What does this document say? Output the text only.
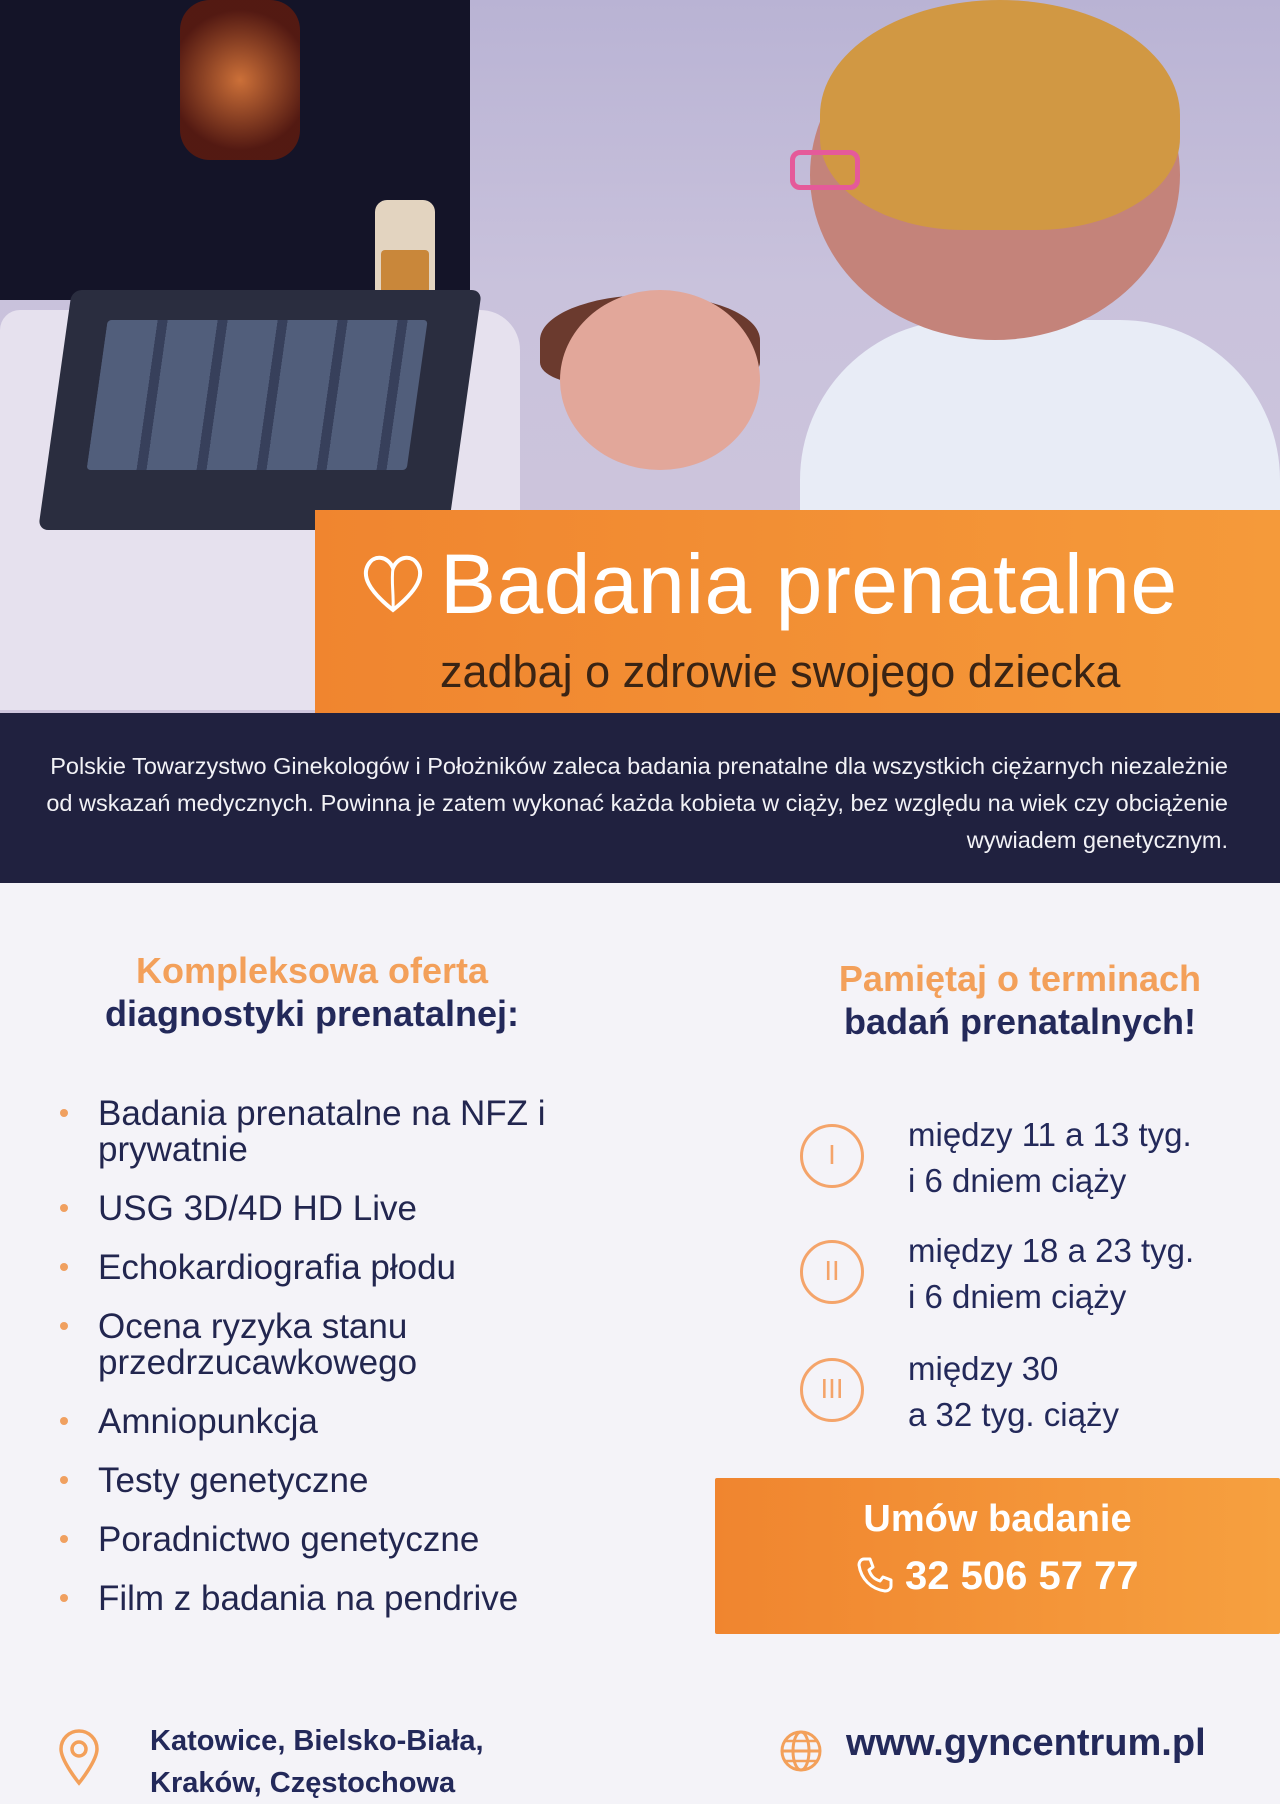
Badania prenatalne

zadbaj o zdrowie swojego dziecka

Polskie Towarzystwo Ginekologów i Położników zaleca badania prenatalne dla wszystkich ciężarnych niezależnie od wskazań medycznych. Powinna je zatem wykonać każda kobieta w ciąży, bez względu na wiek czy obciążenie wywiadem genetycznym.

Kompleksowa oferta
diagnostyki prenatalnej:
Badania prenatalne na NFZ i prywatnie
USG 3D/4D HD Live
Echokardiografia płodu
Ocena ryzyka stanu przedrzucawkowego
Amniopunkcja
Testy genetyczne
Poradnictwo genetyczne
Film z badania na pendrive
Pamiętaj o terminach
badań prenatalnych!
I

między 11 a 13 tyg.
i 6 dniem ciąży

II

między 18 a 23 tyg.
i 6 dniem ciąży

III

między 30
a 32 tyg. ciąży

Umów badanie

32 506 57 77

Katowice, Bielsko-Biała,
Kraków, Częstochowa

www.gyncentrum.pl
